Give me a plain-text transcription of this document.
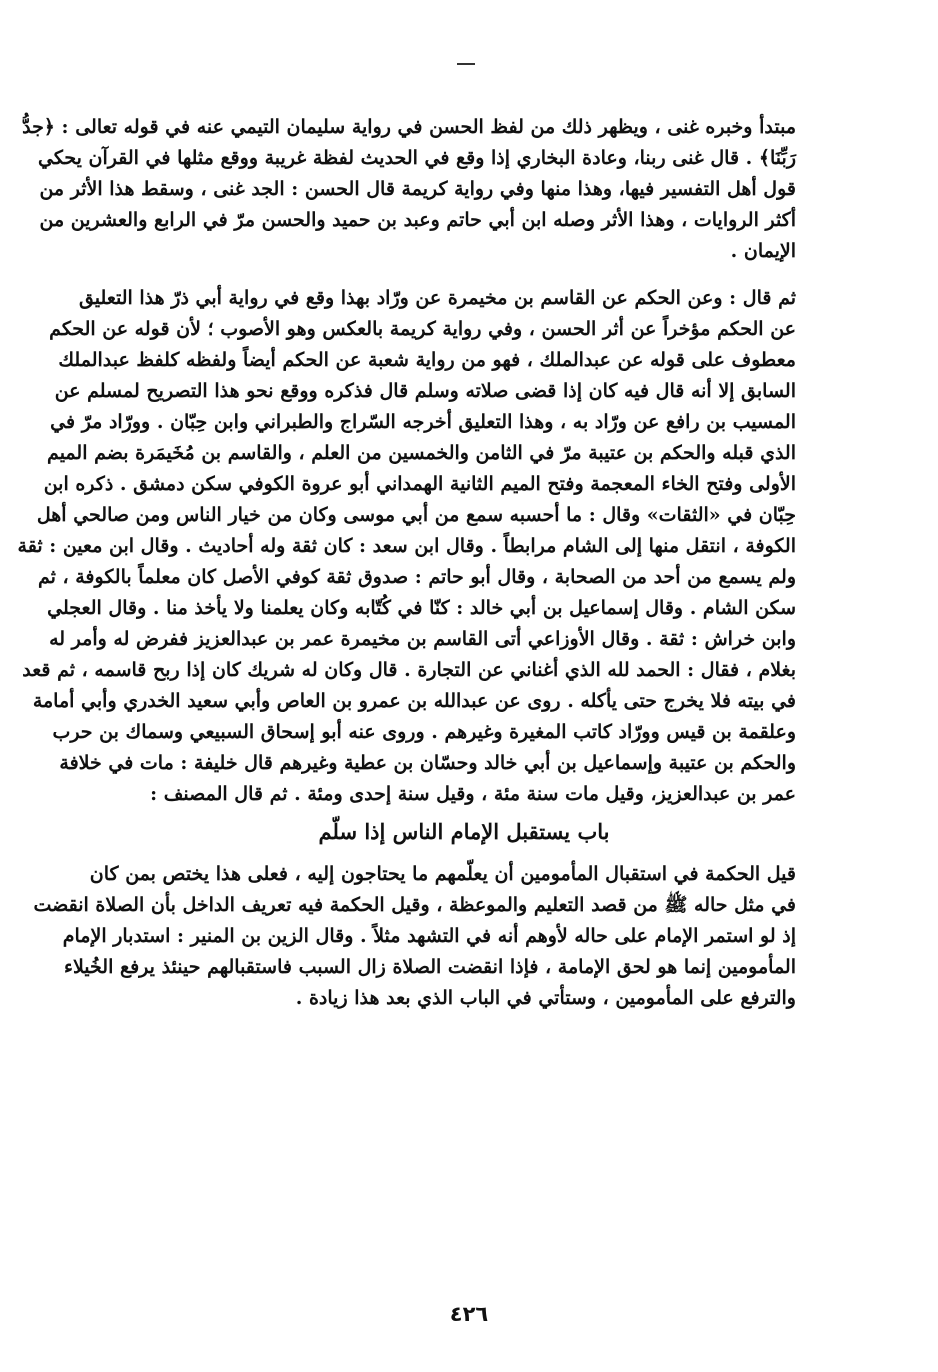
مبتدأ وخبره غنى ، ويظهر ذلك من لفظ الحسن في رواية سليمان التيمي عنه في قوله تعالى : ﴿جدُّ
رَبِّنَا﴾ . قال غنى ربنا، وعادة البخاري إذا وقع في الحديث لفظة غريبة ووقع مثلها في القرآن يحكي
قول أهل التفسير فيها، وهذا منها وفي رواية كريمة قال الحسن : الجد غنى ، وسقط هذا الأثر من
أكثر الروايات ، وهذا الأثر وصله ابن أبي حاتم وعبد بن حميد والحسن مرّ في الرابع والعشرين من
الإيمان .

ثم قال : وعن الحكم عن القاسم بن مخيمرة عن ورّاد بهذا وقع في رواية أبي ذرّ هذا التعليق
عن الحكم مؤخراً عن أثر الحسن ، وفي رواية كريمة بالعكس وهو الأصوب ؛ لأن قوله عن الحكم
معطوف على قوله عن عبدالملك ، فهو من رواية شعبة عن الحكم أيضاً ولفظه كلفظ عبدالملك
السابق إلا أنه قال فيه كان إذا قضى صلاته وسلم قال فذكره ووقع نحو هذا التصريح لمسلم عن
المسيب بن رافع عن ورّاد به ، وهذا التعليق أخرجه السّراج والطبراني وابن حِبّان . وورّاد مرّ في
الذي قبله والحكم بن عتيبة مرّ في الثامن والخمسين من العلم ، والقاسم بن مُخَيمَرة بضم الميم
الأولى وفتح الخاء المعجمة وفتح الميم الثانية الهمداني أبو عروة الكوفي سكن دمشق . ذكره ابن
حِبّان في «الثقات» وقال : ما أحسبه سمع من أبي موسى وكان من خيار الناس ومن صالحي أهل
الكوفة ، انتقل منها إلى الشام مرابطاً . وقال ابن سعد : كان ثقة وله أحاديث . وقال ابن معين : ثقة
ولم يسمع من أحد من الصحابة ، وقال أبو حاتم : صدوق ثقة كوفي الأصل كان معلماً بالكوفة ، ثم
سكن الشام . وقال إسماعيل بن أبي خالد : كنّا في كُتّابه وكان يعلمنا ولا يأخذ منا . وقال العجلي
وابن خراش : ثقة . وقال الأوزاعي أتى القاسم بن مخيمرة عمر بن عبدالعزيز ففرض له وأمر له
بغلام ، فقال : الحمد لله الذي أغناني عن التجارة . قال وكان له شريك كان إذا ربح قاسمه ، ثم قعد
في بيته فلا يخرج حتى يأكله . روى عن عبدالله بن عمرو بن العاص وأبي سعيد الخدري وأبي أمامة
وعلقمة بن قيس وورّاد كاتب المغيرة وغيرهم . وروى عنه أبو إسحاق السبيعي وسماك بن حرب
والحكم بن عتيبة وإسماعيل بن أبي خالد وحسّان بن عطية وغيرهم قال خليفة : مات في خلافة
عمر بن عبدالعزيز، وقيل مات سنة مئة ، وقيل سنة إحدى ومئة . ثم قال المصنف :

باب يستقبل الإمام الناس إذا سلّم

قيل الحكمة في استقبال المأمومين أن يعلّمهم ما يحتاجون إليه ، فعلى هذا يختص بمن كان
في مثل حاله ﷺ من قصد التعليم والموعظة ، وقيل الحكمة فيه تعريف الداخل بأن الصلاة انقضت
إذ لو استمر الإمام على حاله لأوهم أنه في التشهد مثلاً . وقال الزين بن المنير : استدبار الإمام
المأمومين إنما هو لحق الإمامة ، فإذا انقضت الصلاة زال السبب فاستقبالهم حينئذ يرفع الخُيلاء
والترفع على المأمومين ، وستأتي في الباب الذي بعد هذا زيادة .

٤٢٦
